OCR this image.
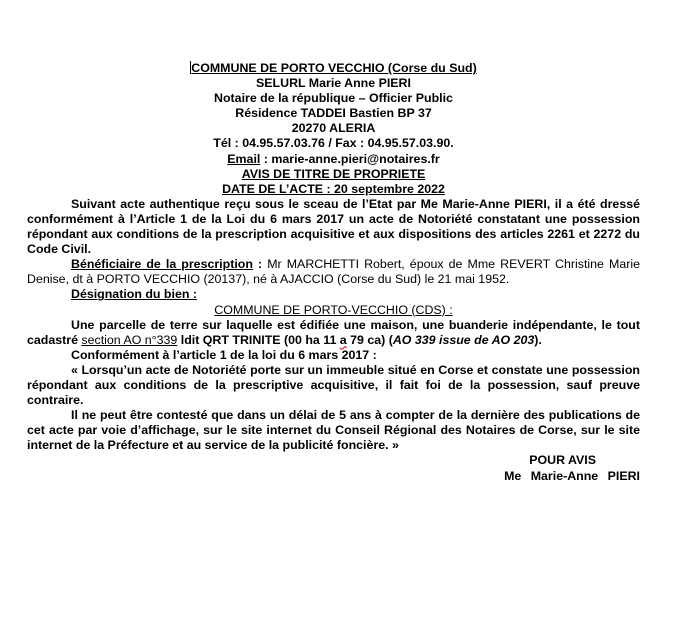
COMMUNE DE PORTO VECCHIO (Corse du Sud)
SELURL Marie Anne PIERI
Notaire de la république – Officier Public
Résidence TADDEI Bastien BP 37
20270 ALERIA
Tél : 04.95.57.03.76 / Fax : 04.95.57.03.90.
Email : marie-anne.pieri@notaires.fr
AVIS DE TITRE DE PROPRIETE
DATE DE L’ACTE : 20 septembre 2022
Suivant acte authentique reçu sous le sceau de l’Etat par Me Marie-Anne PIERI, il a été dressé conformément à l’Article 1 de la Loi du 6 mars 2017 un acte de Notoriété constatant une possession répondant aux conditions de la prescription acquisitive et aux dispositions des articles 2261 et 2272 du Code Civil.
Bénéficiaire de la prescription : Mr MARCHETTI Robert, époux de Mme REVERT Christine Marie Denise, dt à PORTO VECCHIO (20137), né à AJACCIO (Corse du Sud) le 21 mai 1952.
Désignation du bien :
COMMUNE DE PORTO-VECCHIO (CDS) :
Une parcelle de terre sur laquelle est édifiée une maison, une buanderie indépendante, le tout cadastré section AO n°339 ldit QRT TRINITE (00 ha 11 a 79 ca) (AO 339 issue de AO 203).
Conformément à l’article 1 de la loi du 6 mars 2017 :
« Lorsqu’un acte de Notoriété porte sur un immeuble situé en Corse et constate une possession répondant aux conditions de la prescriptive acquisitive, il fait foi de la possession, sauf preuve contraire.
Il ne peut être contesté que dans un délai de 5 ans à compter de la dernière des publications de cet acte par voie d’affichage, sur le site internet du Conseil Régional des Notaires de Corse, sur le site internet de la Préfecture et au service de la publicité foncière. »
POUR AVIS
Me Marie-Anne PIERI
